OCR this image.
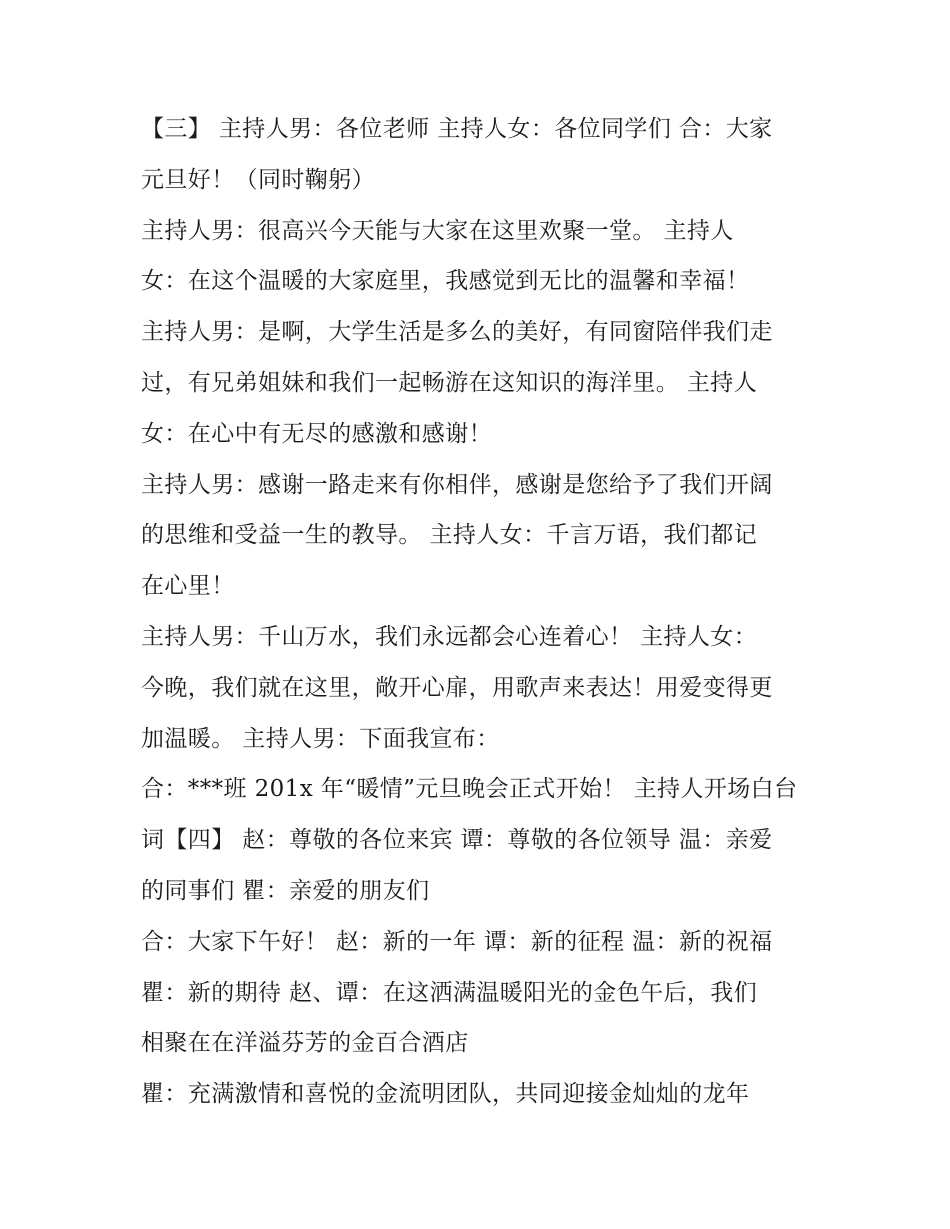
【三】 主持人男：各位老师 主持人女：各位同学们 合：大家
元旦好！（同时鞠躬）
主持人男：很高兴今天能与大家在这里欢聚一堂。 主持人
女：在这个温暖的大家庭里，我感觉到无比的温馨和幸福！
主持人男：是啊，大学生活是多么的美好，有同窗陪伴我们走
过，有兄弟姐妹和我们一起畅游在这知识的海洋里。 主持人
女：在心中有无尽的感激和感谢！
主持人男：感谢一路走来有你相伴，感谢是您给予了我们开阔
的思维和受益一生的教导。 主持人女：千言万语，我们都记
在心里！
主持人男：千山万水，我们永远都会心连着心！ 主持人女：
今晚，我们就在这里，敞开心扉，用歌声来表达！用爱变得更
加温暖。 主持人男：下面我宣布：
合：***班 201x 年“暖情”元旦晚会正式开始！ 主持人开场白台
词【四】 赵：尊敬的各位来宾 谭：尊敬的各位领导 温：亲爱
的同事们 瞿：亲爱的朋友们
合：大家下午好！ 赵：新的一年 谭：新的征程 温：新的祝福
瞿：新的期待 赵、谭：在这洒满温暖阳光的金色午后，我们
相聚在在洋溢芬芳的金百合酒店
瞿：充满激情和喜悦的金流明团队，共同迎接金灿灿的龙年
